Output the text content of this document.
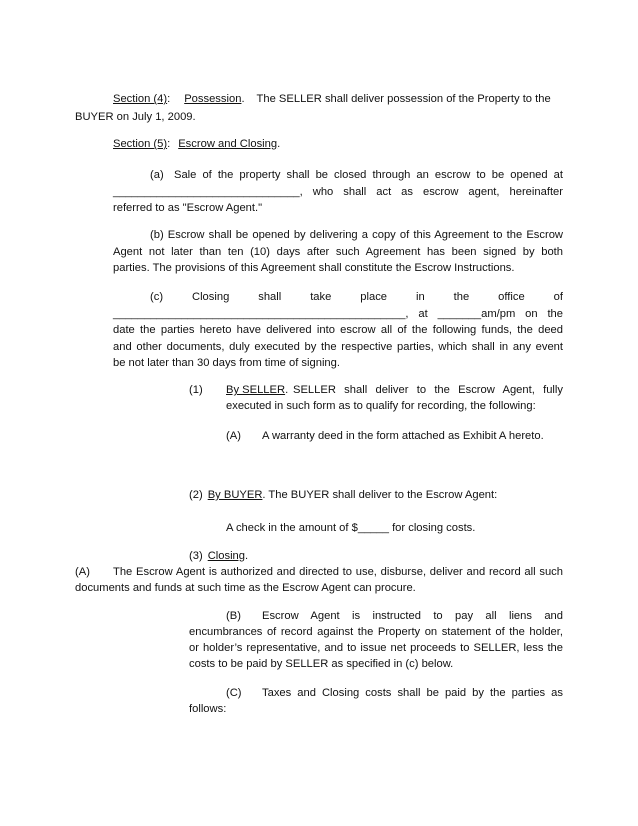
Section (4): Possession. The SELLER shall deliver possession of the Property to the
BUYER on July 1, 2009.
Section (5): Escrow and Closing.
(a) Sale of the property shall be closed through an escrow to be opened at
______________________________, who shall act as escrow agent, hereinafter
referred to as "Escrow Agent."
(b) Escrow shall be opened by delivering a copy of this Agreement to the Escrow
Agent not later than ten (10) days after such Agreement has been signed by both
parties. The provisions of this Agreement shall constitute the Escrow Instructions.
(c)	Closing	shall	take	place	in	the	office	of
_______________________________________________, at _______am/pm on the
date the parties hereto have delivered into escrow all of the following funds, the deed
and other documents, duly executed by the respective parties, which shall in any event
be not later than 30 days from time of signing.
(1) By SELLER. SELLER shall deliver to the Escrow Agent, fully
executed in such form as to qualify for recording, the following:
(A) A warranty deed in the form attached as Exhibit A hereto.
(2) By BUYER. The BUYER shall deliver to the Escrow Agent:
A check in the amount of $_____ for closing costs.
(3) Closing.
(A) The Escrow Agent is authorized and directed to use, disburse, deliver and record all such
documents and funds at such time as the Escrow Agent can procure.
(B) Escrow Agent is instructed to pay all liens and
encumbrances of record against the Property on statement of the holder,
or holder’s representative, and to issue net proceeds to SELLER, less the
costs to be paid by SELLER as specified in (c) below.
(C) Taxes and Closing costs shall be paid by the parties as
follows:
